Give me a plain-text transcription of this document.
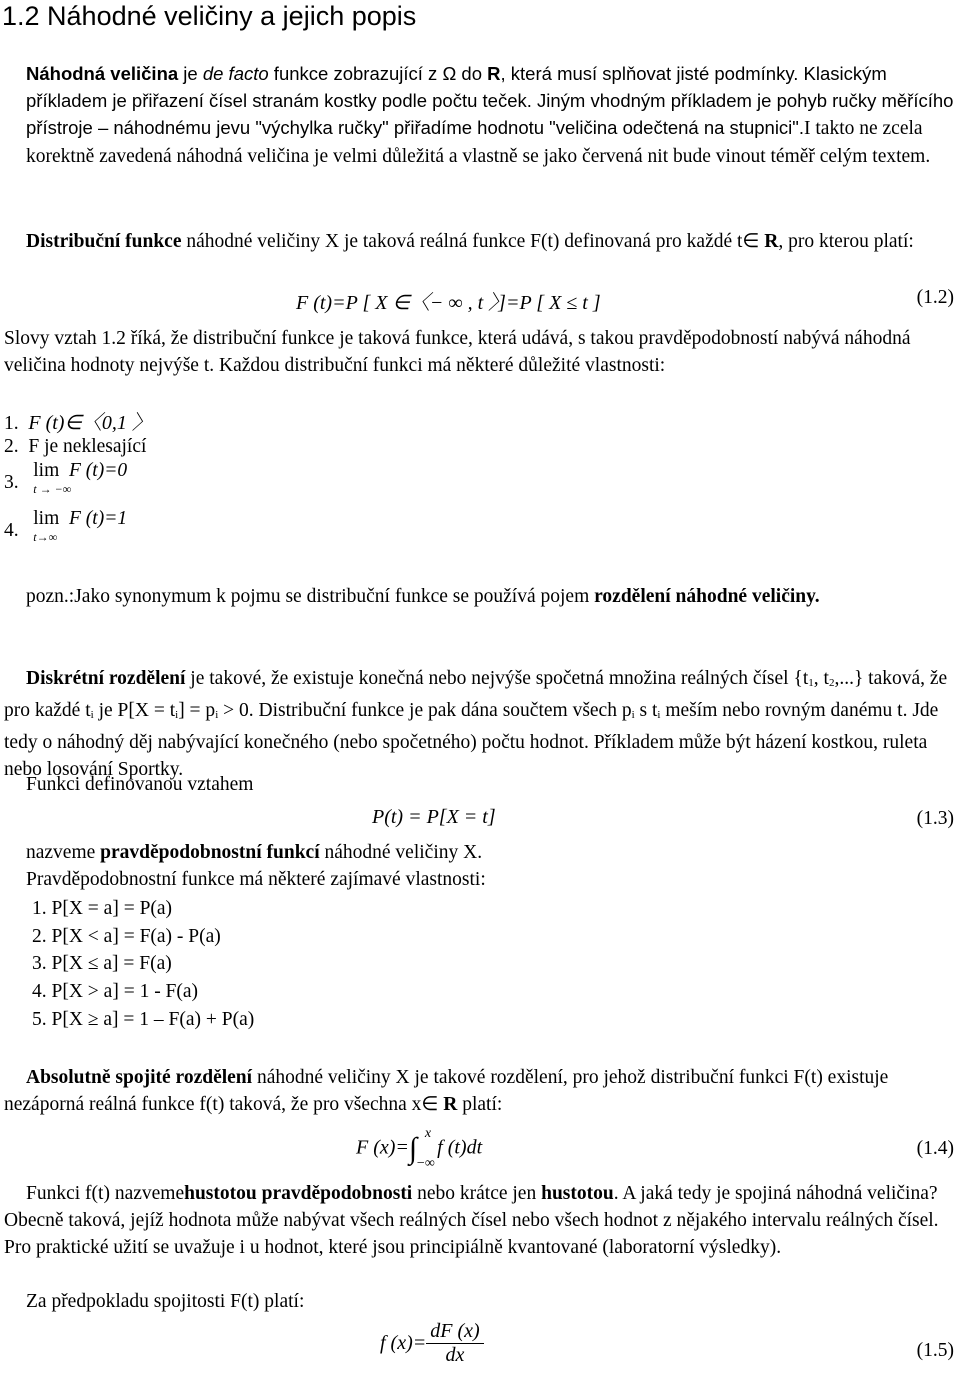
1.2 Náhodné veličiny a jejich popis

Náhodná veličina je de facto funkce zobrazující z Ω do R, která musí splňovat jisté podmínky. Klasickým příkladem je přiřazení čísel stranám kostky podle počtu teček. Jiným vhodným příkladem je pohyb ručky měřícího přístroje – náhodnému jevu "výchylka ručky" přiřadíme hodnotu "veličina odečtená na stupnici".I takto ne zcela korektně zavedená náhodná veličina je velmi důležitá a vlastně se jako červená nit bude vinout téměř celým textem.

Distribuční funkce náhodné veličiny X je taková reálná funkce F(t) definovaná pro každé t∈ R, pro kterou platí:

F (t)=P [ X ∈〈− ∞ , t 〉]=P [ X ≤ t ]	(1.2)

Slovy vztah 1.2 říká, že distribuční funkce je taková funkce, která udává, s takou pravděpodobností nabývá náhodná veličina hodnoty nejvýše t. Každou distribuční funkci má některé důležité vlastnosti:

1. F (t)∈〈0,1 〉
2. F je neklesající
3.   lim
t → −∞
F (t)=0
4.   lim
t→∞
F (t)=1

pozn.:Jako synonymum k pojmu se distribuční funkce se používá pojem rozdělení náhodné veličiny.

Diskrétní rozdělení je takové, že existuje konečná nebo nejvýše spočetná množina reálných čísel {$t_1$, $t_2$,...} taková, že pro každé $t_i$ je $P[X = t_i] = p_i > 0$. Distribuční funkce je pak dána součtem všech $p_i$ s $t_i$ meším nebo rovným danému t. Jde tedy o náhodný děj nabývající konečného (nebo spočetného) počtu hodnot. Příkladem může být házení kostkou, ruleta nebo losování Sportky.

Funkci definovanou vztahem
P(t) = P[X = t]	(1.3)
nazveme pravděpodobnostní funkcí náhodné veličiny X.
Pravděpodobnostní funkce má některé zajímavé vlastnosti:
1. P[X = a] = P(a)
2. P[X < a] = F(a) - P(a)
3. P[X ≤ a] = F(a)
4. P[X > a] = 1 - F(a)
5. P[X ≥ a] = 1 – F(a) + P(a)

Absolutně spojité rozdělení náhodné veličiny X je takové rozdělení, pro jehož distribuční funkci F(t) existuje nezáporná reálná funkce f(t) taková, že pro všechna x∈ R platí:

F (x)=∫ x
−∞
f (t)dt	(1.4)

Funkci f(t) nazvemehustotou pravděpodobnosti nebo krátce jen hustotou. A jaká tedy je spojiná náhodná veličina? Obecně taková, jejíž hodnota může nabývat všech reálných čísel nebo všech hodnot z nějakého intervalu reálných čísel. Pro praktické užití se uvažuje i u hodnot, které jsou principiálně kvantované (laboratorní výsledky).

Za předpokladu spojitosti F(t) platí:
f $(x)= \frac{dF (x)}{dx}$	(1.5)
